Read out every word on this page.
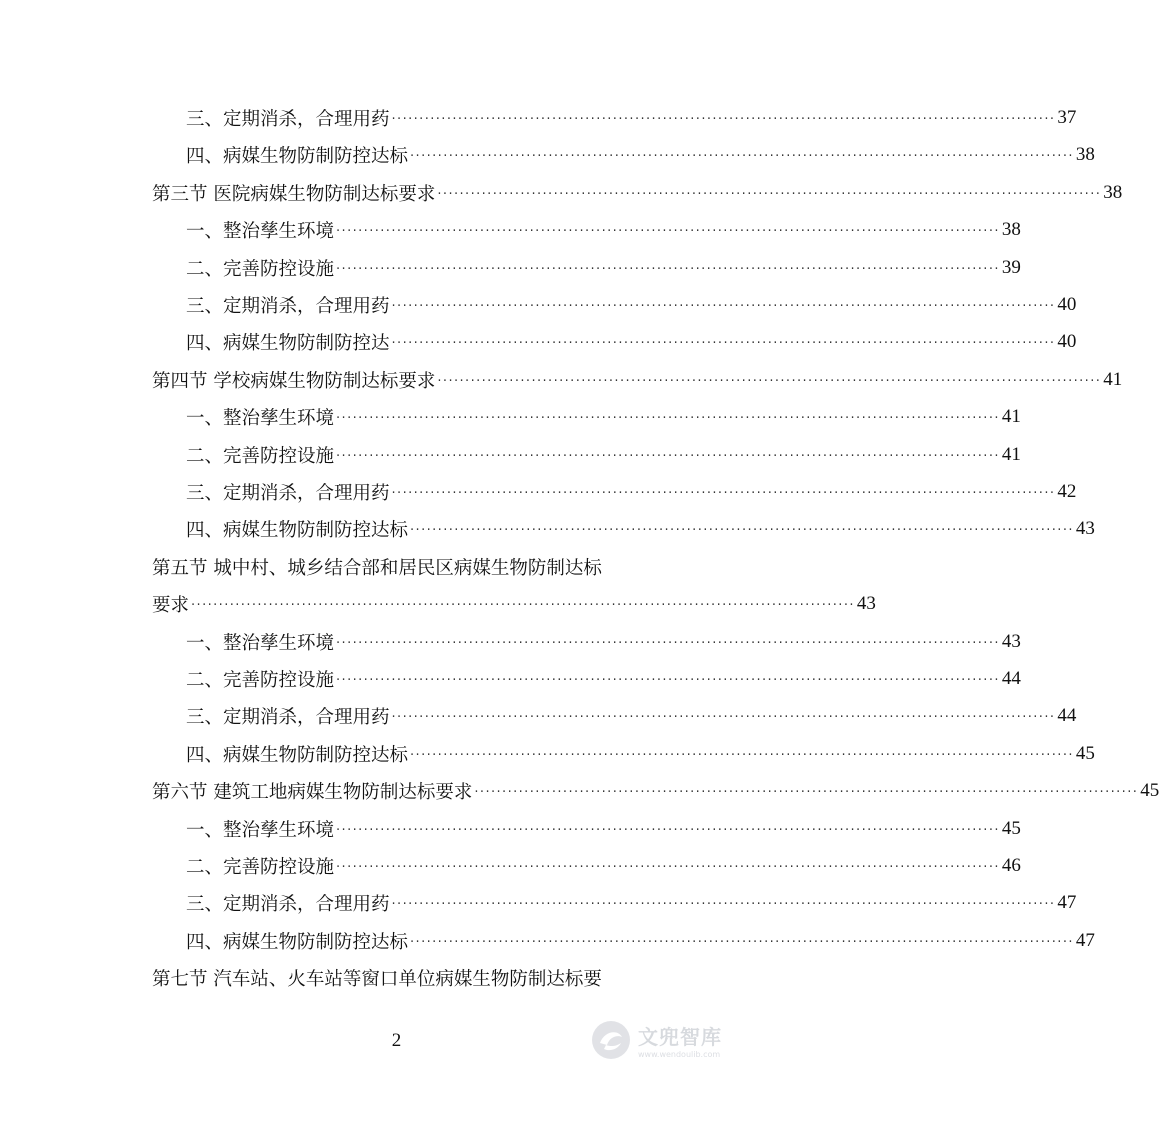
三、定期消杀，合理用药 ························································································································ 37
四、病媒生物防制防控达标 ························································································································ 38
第三节 医院病媒生物防制达标要求 ························································································································ 38
一、整治孳生环境 ························································································································ 38
二、完善防控设施 ························································································································ 39
三、定期消杀，合理用药 ························································································································ 40
四、病媒生物防制防控达 ························································································································ 40
第四节 学校病媒生物防制达标要求 ························································································································ 41
一、整治孳生环境 ························································································································ 41
二、完善防控设施 ························································································································ 41
三、定期消杀，合理用药 ························································································································ 42
四、病媒生物防制防控达标 ························································································································ 43
第五节 城中村、城乡结合部和居民区病媒生物防制达标
要求 ························································································································ 43
一、整治孳生环境 ························································································································ 43
二、完善防控设施 ························································································································ 44
三、定期消杀，合理用药 ························································································································ 44
四、病媒生物防制防控达标 ························································································································ 45
第六节 建筑工地病媒生物防制达标要求 ························································································································ 45
一、整治孳生环境 ························································································································ 45
二、完善防控设施 ························································································································ 46
三、定期消杀，合理用药 ························································································································ 47
四、病媒生物防制防控达标 ························································································································ 47
第七节 汽车站、火车站等窗口单位病媒生物防制达标要
2	文兜智库
www.wendoulib.com
